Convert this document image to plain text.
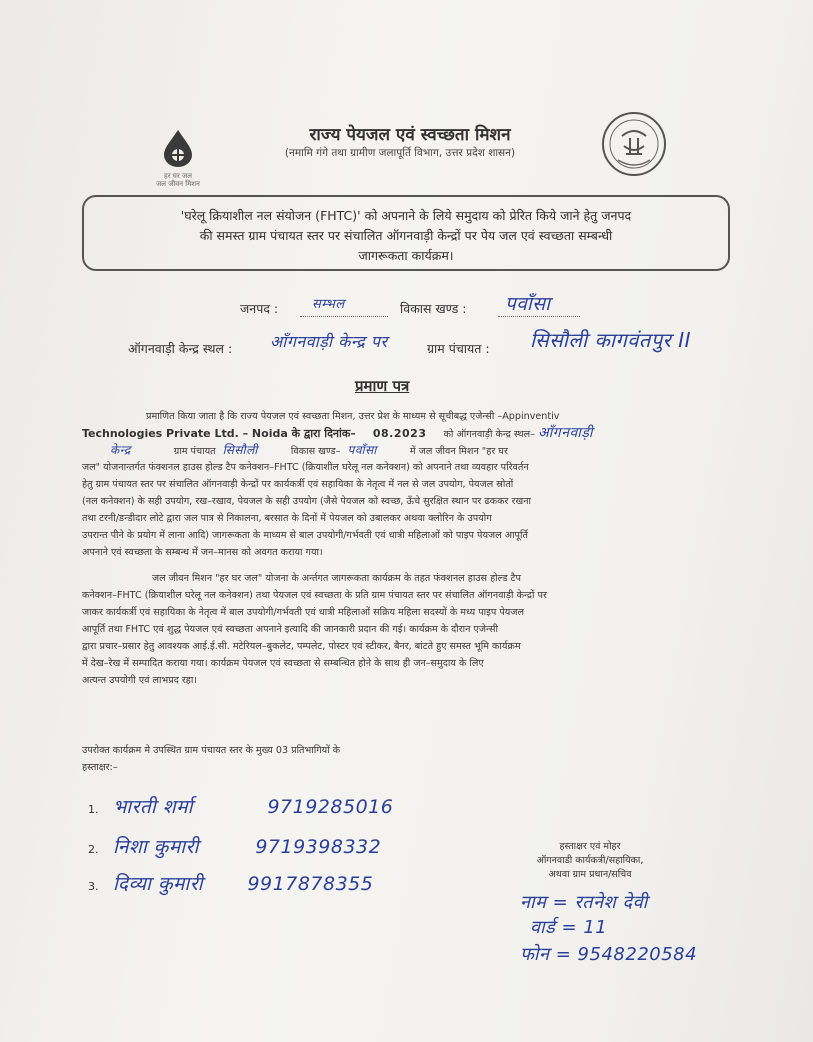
हर घर जल
जल जीवन मिशन
राज्य पेयजल एवं स्वच्छता मिशन
(नमामि गंगे तथा ग्रामीण जलापूर्ति विभाग, उत्तर प्रदेश शासन)
'घरेलू क्रियाशील नल संयोजन (FHTC)' को अपनाने के लिये समुदाय को प्रेरित किये जाने हेतु जनपद
की समस्त ग्राम पंचायत स्तर पर संचालित ऑगनवाड़ी केन्द्रों पर पेय जल एवं स्वच्छता सम्बन्धी
जागरूकता कार्यक्रम।
जनपद :	सम्भल	विकास खण्ड : पवाँसा
ऑगनवाड़ी केन्द्र स्थल : आँगनवाड़ी केन्द्र पर	ग्राम पंचायत : सिसौली कागवंतपुर II
प्रमाण पत्र
प्रमाणित किया जाता है कि राज्य पेयजल एवं स्वच्छता मिशन, उत्तर प्रेश के माध्यम से सूचीबद्ध एजेन्सी –Appinventiv
Technologies Private Ltd. – Noida के द्वारा दिनांक– 08.2023 को ऑगनवाड़ी केन्द्र स्थल– आँगनवाड़ी
केन्द्र	ग्राम पंचायत सिसौली	विकास खण्ड– पवाँसा	में जल जीवन मिशन "हर घर
जल" योजनान्तर्गत फंक्शनल हाउस होल्ड टैप कनेक्शन–FHTC (क्रियाशील घरेलू नल कनेक्शन) को अपनाने तथा व्यवहार परिवर्तन
हेतु ग्राम पंचायत स्तर पर संचालित ऑगनवाड़ी केन्द्रों पर कार्यकर्त्री एवं सहायिका के नेतृत्व में नल से जल उपयोग, पेयजल स्रोतों
(नल कनेक्शन) के सही उपयोग, रख–रखाव, पेयजल के सही उपयोग (जैसे पेयजल को स्वच्छ, ऊँचे सुरक्षित स्थान पर ढककर रखना
तथा टरनी/डन्डीदार लोटे द्वारा जल पात्र से निकालना, बरसात के दिनों में पेयजल को उबालकर अथवा क्लोरिन के उपयोग
उपरान्त पीने के प्रयोग में लाना आदि) जागरूकता के माध्यम से बाल उपयोगी/गर्भवती एवं धात्री महिलाओं को पाइप पेयजल आपूर्ति
अपनाने एवं स्वच्छता के सम्बन्ध में जन–मानस को अवगत कराया गया।
जल जीवन मिशन "हर घर जल" योजना के अर्न्तगत जागरूकता कार्यक्रम के तहत फंक्शनल हाउस होल्ड टैप
कनेक्शन–FHTC (क्रियाशील घरेलू नल कनेक्शन) तथा पेयजल एवं स्वच्छता के प्रति ग्राम पंचायत स्तर पर संचालित ऑगनवाड़ी केन्द्रों पर
जाकर कार्यकर्त्री एवं सहायिका के नेतृत्व में बाल उपयोगी/गर्भवती एवं धात्री महिलाओं सक्रिय महिला सदस्यों के मध्य पाइप पेयजल
आपूर्ति तथा FHTC एवं शुद्ध पेयजल एवं स्वच्छता अपनाने इत्यादि की जानकारी प्रदान की गई। कार्यक्रम के दौरान एजेन्सी
द्वारा प्रचार–प्रसार हेतु आवश्यक आई.ई.सी. मटेरियल–बुकलेट, पम्पलेट, पोस्टर एवं स्टीकर, बैनर, बांटते हुए समस्त भूमि कार्यक्रम
में देख–रेख में सम्पादित कराया गया। कार्यक्रम पेयजल एवं स्वच्छता से सम्बन्धित होने के साथ ही जन–समुदाय के लिए
अत्यन्त उपयोगी एवं लाभप्रद रहा।
उपरोक्त कार्यक्रम मे उपस्थित ग्राम पंचायत स्तर के मुख्य 03 प्रतिभागियों के
हस्ताक्षर:–
1. भारती शर्मा	9719285016
2. निशा कुमारी	9719398332
3. दिव्या कुमारी 9917878355
हस्ताक्षर एवं मोहर
ऑगनवाडी कार्यकत्री/सहायिका,
अथवा ग्राम प्रधान/सचिव
नाम = रतनेश देवी
वार्ड = 11
फोन = 9548220584
